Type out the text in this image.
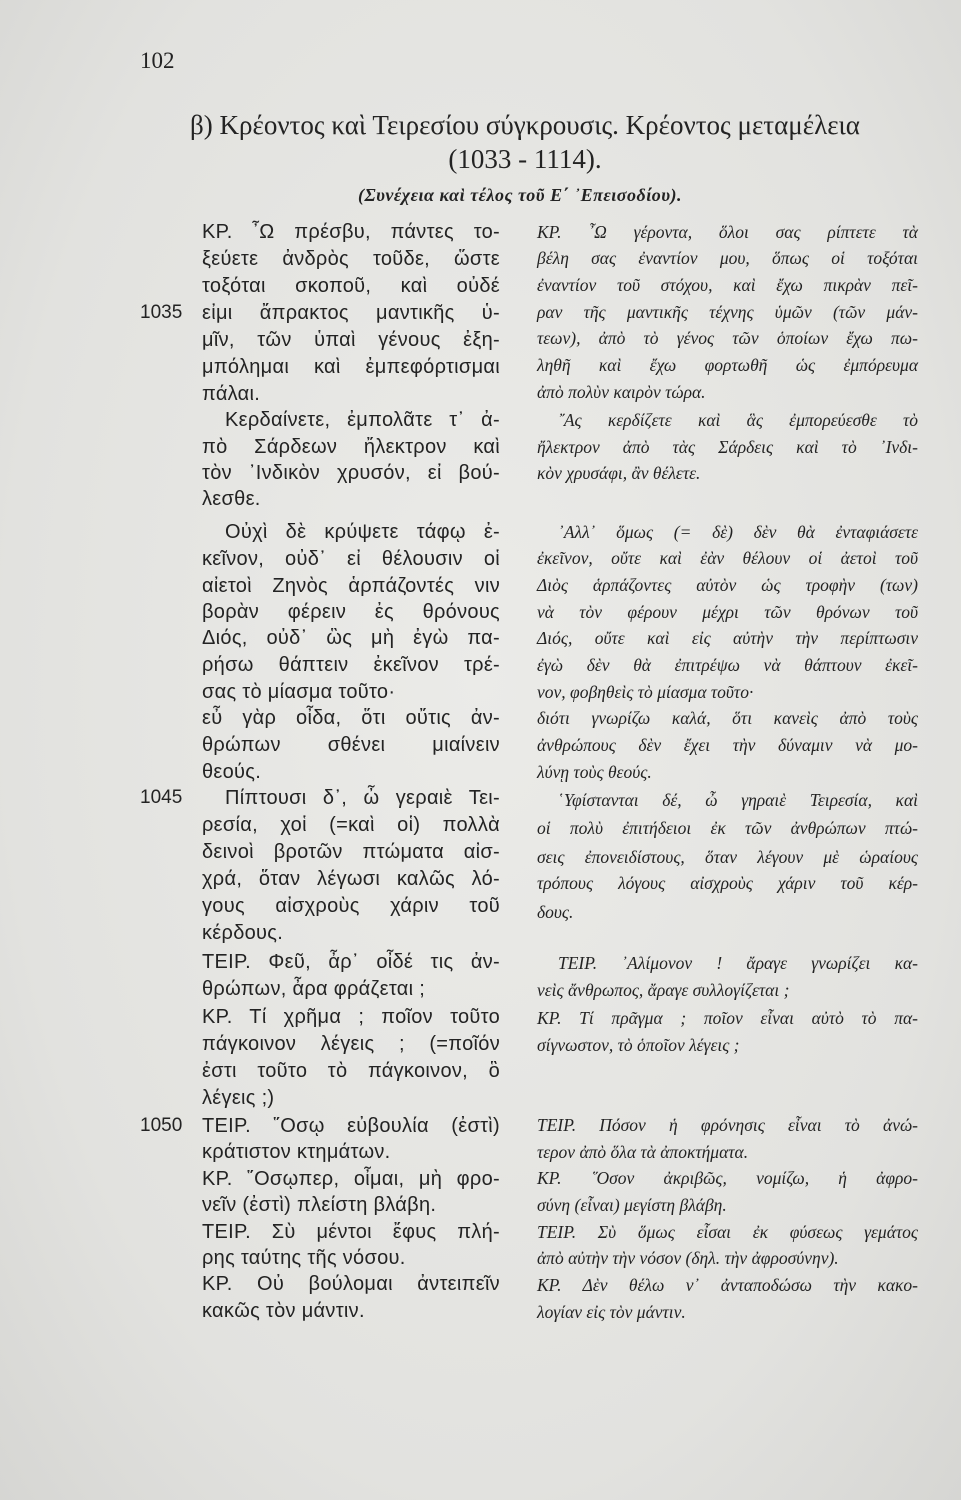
102
β) Κρέοντος καὶ Τειρεσίου σύγκρουσις. Κρέοντος μεταμέλεια
(1033 - 1114).
(Συνέχεια καὶ τέλος τοῦ Ε΄ ᾿Επεισοδίου).
ΚΡ. ῏Ω πρέσβυ, πάντες το-
ξεύετε ἀνδρὸς τοῦδε, ὥστε
τοξόται σκοποῦ, καὶ οὐδέ
εἰμι ἄπρακτος μαντικῆς ὑ-
1035
μῖν, τῶν ὑπαὶ γένους ἐξη-
μπόλημαι καὶ ἐμπεφόρτισμαι
πάλαι.
Κερδαίνετε, ἐμπολᾶτε τ᾿ ἀ-
πὸ Σάρδεων ἤλεκτρον καὶ
τὸν ᾿Ινδικὸν χρυσόν, εἰ βού-
λεσθε.
Οὐχὶ δὲ κρύψετε τάφῳ ἐ-
κεῖνον, οὐδ᾿ εἰ θέλουσιν οἱ
αἰετοὶ Ζηνὸς ἁρπάζοντές νιν
βορὰν φέρειν ἐς θρόνους
Διός, οὐδ᾿ ὣς μὴ ἐγὼ πα-
ρήσω θάπτειν ἐκεῖνον τρέ-
σας τὸ μίασμα τοῦτο·
εὖ γὰρ οἶδα, ὅτι οὔτις ἀν-
θρώπων σθένει μιαίνειν
θεούς.
Πίπτουσι δ᾿, ὦ γεραιὲ Τει-
1045
ρεσία, χοἱ (=καὶ οἱ) πολλὰ
δεινοὶ βροτῶν πτώματα αἰσ-
χρά, ὅταν λέγωσι καλῶς λό-
γους αἰσχροὺς χάριν τοῦ
κέρδους.
ΤΕΙΡ. Φεῦ, ἆρ᾿ οἶδέ τις ἀν-
θρώπων, ἆρα φράζεται ;
ΚΡ. Τί χρῆμα ; ποῖον τοῦτο
πάγκοινον λέγεις ; (=ποῖόν
ἐστι τοῦτο τὸ πάγκοινον, ὃ
λέγεις ;)
ΤΕΙΡ. ῞Οσῳ εὐβουλία (ἐστὶ)
1050
κράτιστον κτημάτων.
ΚΡ. ῞Οσῳπερ, οἶμαι, μὴ φρο-
νεῖν (ἐστὶ) πλείστη βλάβη.
ΤΕΙΡ. Σὺ μέντοι ἔφυς πλή-
ρης ταύτης τῆς νόσου.
ΚΡ. Οὐ βούλομαι ἀντειπεῖν
κακῶς τὸν μάντιν.
ΚΡ. ῏Ω γέροντα, ὅλοι σας ρίπτετε τὰ
βέλη σας ἐναντίον μου, ὅπως οἱ τοξόται
ἐναντίον τοῦ στόχου, καὶ ἔχω πικρὰν πεῖ-
ραν τῆς μαντικῆς τέχνης ὑμῶν (τῶν μάν-
τεων), ἀπὸ τὸ γένος τῶν ὁποίων ἔχω πω-
ληθῆ καὶ ἔχω φορτωθῆ ὡς ἐμπόρευμα
ἀπὸ πολὺν καιρὸν τώρα.
῎Ας κερδίζετε καὶ ἃς ἐμπορεύεσθε τὸ
ἤλεκτρον ἀπὸ τὰς Σάρδεις καὶ τὸ ᾿Ινδι-
κὸν χρυσάφι, ἂν θέλετε.
᾿Αλλ᾿ ὅμως (= δὲ) δὲν θὰ ἐνταφιάσετε
ἐκεῖνον, οὔτε καὶ ἐὰν θέλουν οἱ ἀετοὶ τοῦ
Διὸς ἁρπάζοντες αὐτὸν ὡς τροφὴν (των)
νὰ τὸν φέρουν μέχρι τῶν θρόνων τοῦ
Διός, οὔτε καὶ εἰς αὐτὴν τὴν περίπτωσιν
ἐγὼ δὲν θὰ ἐπιτρέψω νὰ θάπτουν ἐκεῖ-
νον, φοβηθεὶς τὸ μίασμα τοῦτο·
διότι γνωρίζω καλά, ὅτι κανεὶς ἀπὸ τοὺς
ἀνθρώπους δὲν ἔχει τὴν δύναμιν νὰ μο-
λύνῃ τοὺς θεούς.
῾Υφίστανται δέ, ὦ γηραιὲ Τειρεσία, καὶ
οἱ πολὺ ἐπιτήδειοι ἐκ τῶν ἀνθρώπων πτώ-
σεις ἐπονειδίστους, ὅταν λέγουν μὲ ὡραίους
τρόπους λόγους αἰσχροὺς χάριν τοῦ κέρ-
δους.
ΤΕΙΡ. ᾿Αλίμονον ! ἄραγε γνωρίζει κα-
νεὶς ἄνθρωπος, ἄραγε συλλογίζεται ;
ΚΡ. Τί πρᾶγμα ; ποῖον εἶναι αὐτὸ τὸ πα-
σίγνωστον, τὸ ὁποῖον λέγεις ;
ΤΕΙΡ. Πόσον ἡ φρόνησις εἶναι τὸ ἀνώ-
τερον ἀπὸ ὅλα τὰ ἀποκτήματα.
ΚΡ. ῞Οσον ἀκριβῶς, νομίζω, ἡ ἀφρο-
σύνη (εἶναι) μεγίστη βλάβη.
ΤΕΙΡ. Σὺ ὅμως εἶσαι ἐκ φύσεως γεμάτος
ἀπὸ αὐτὴν τὴν νόσον (δηλ. τὴν ἀφροσύνην).
ΚΡ. Δὲν θέλω ν᾿ ἀνταποδώσω τὴν κακο-
λογίαν εἰς τὸν μάντιν.
